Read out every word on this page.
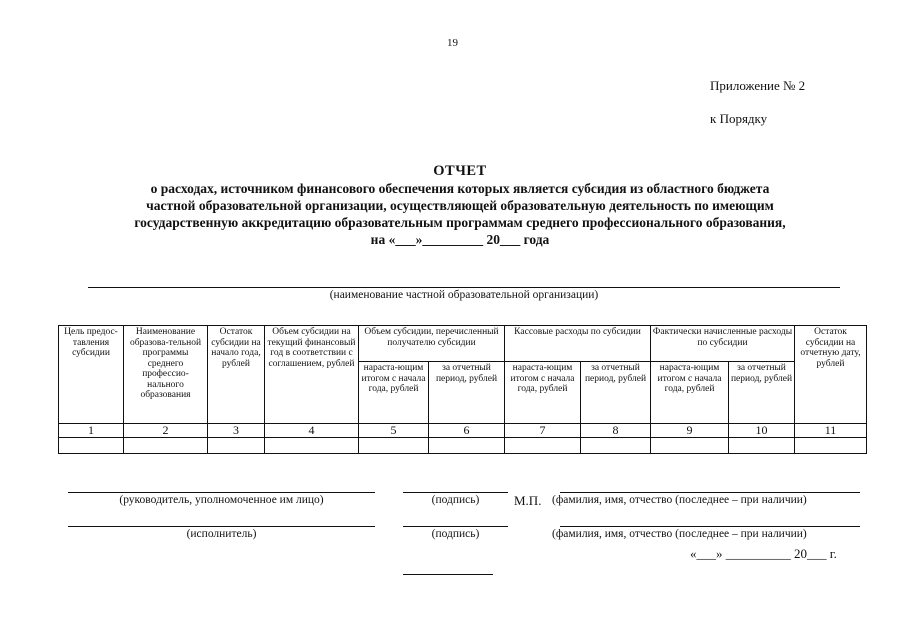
19
Приложение № 2
к Порядку
ОТЧЕТ
о расходах, источником финансового обеспечения которых является субсидия из областного бюджета
частной образовательной организации, осуществляющей образовательную деятельность по имеющим
государственную аккредитацию образовательным программам среднего профессионального образования,
на «___»_________ 20___ года
(наименование частной образовательной организации)
Цель предос-тавления субсидии	Наименование образова-тельной программы среднего профессио-нального образования	Остаток субсидии на начало года, рублей	Объем субсидии на текущий финансовый год в соответствии с соглашением, рублей	Объем субсидии, перечисленный получателю субсидии		Кассовые расходы по субсидии		Фактически начисленные расходы по субсидии		Остаток субсидии на отчетную дату, рублей
				нараста-ющим итогом с начала года, рублей	за отчетный период, рублей	нараста-ющим итогом с начала года, рублей	за отчетный период, рублей	нараста-ющим итогом с начала года, рублей	за отчетный период, рублей	
1	2	3	4	5	6	7	8	9	10	11

(руководитель, уполномоченное им лицо)	(подпись)	М.П. (фамилия, имя, отчество (последнее – при наличии)
(исполнитель)	(подпись)	(фамилия, имя, отчество (последнее – при наличии)
«___» __________ 20___ г.
